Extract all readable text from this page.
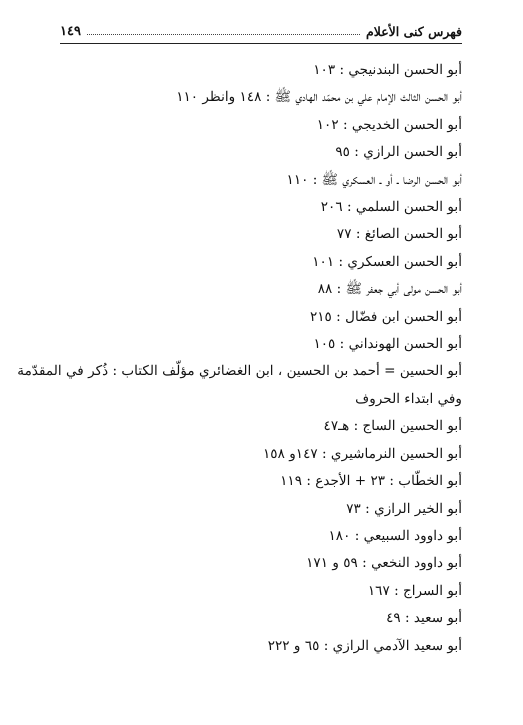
فهرس كنى الأعلام
١٤٩
أبو الحسن البندنيجي : ١٠٣
أبو الحسن الثالث الإمام علي بن محمّد الهادي ﷺ : ١٤٨ وانظر ١١٠
أبو الحسن الخديجي : ١٠٢
أبو الحسن الرازي : ٩٥
أبو الحسن الرضا ـ أو ـ العسكري ﷺ : ١١٠
أبو الحسن السلمي : ٢٠٦
أبو الحسن الصائغ : ٧٧
أبو الحسن العسكري : ١٠١
أبو الحسن مولى أبي جعفر ﷺ : ٨٨
أبو الحسن ابن فضّال : ٢١٥
أبو الحسن الهونداني : ١٠٥
أبو الحسين = أحمد بن الحسين ، ابن الغضائري مؤلّف الكتاب : ذُكر في المقدّمة
وفي ابتداء الحروف
أبو الحسين الساج : هـ٤٧
أبو الحسين النرماشيري : ١٤٧و ١٥٨
أبو الخطّاب : ٢٣ + الأجدع : ١١٩
أبو الخير الرازي : ٧٣
أبو داوود السبيعي : ١٨٠
أبو داوود النخعي : ٥٩ و ١٧١
أبو السراج : ١٦٧
أبو سعيد : ٤٩
أبو سعيد الآدمي الرازي : ٦٥ و ٢٢٢
